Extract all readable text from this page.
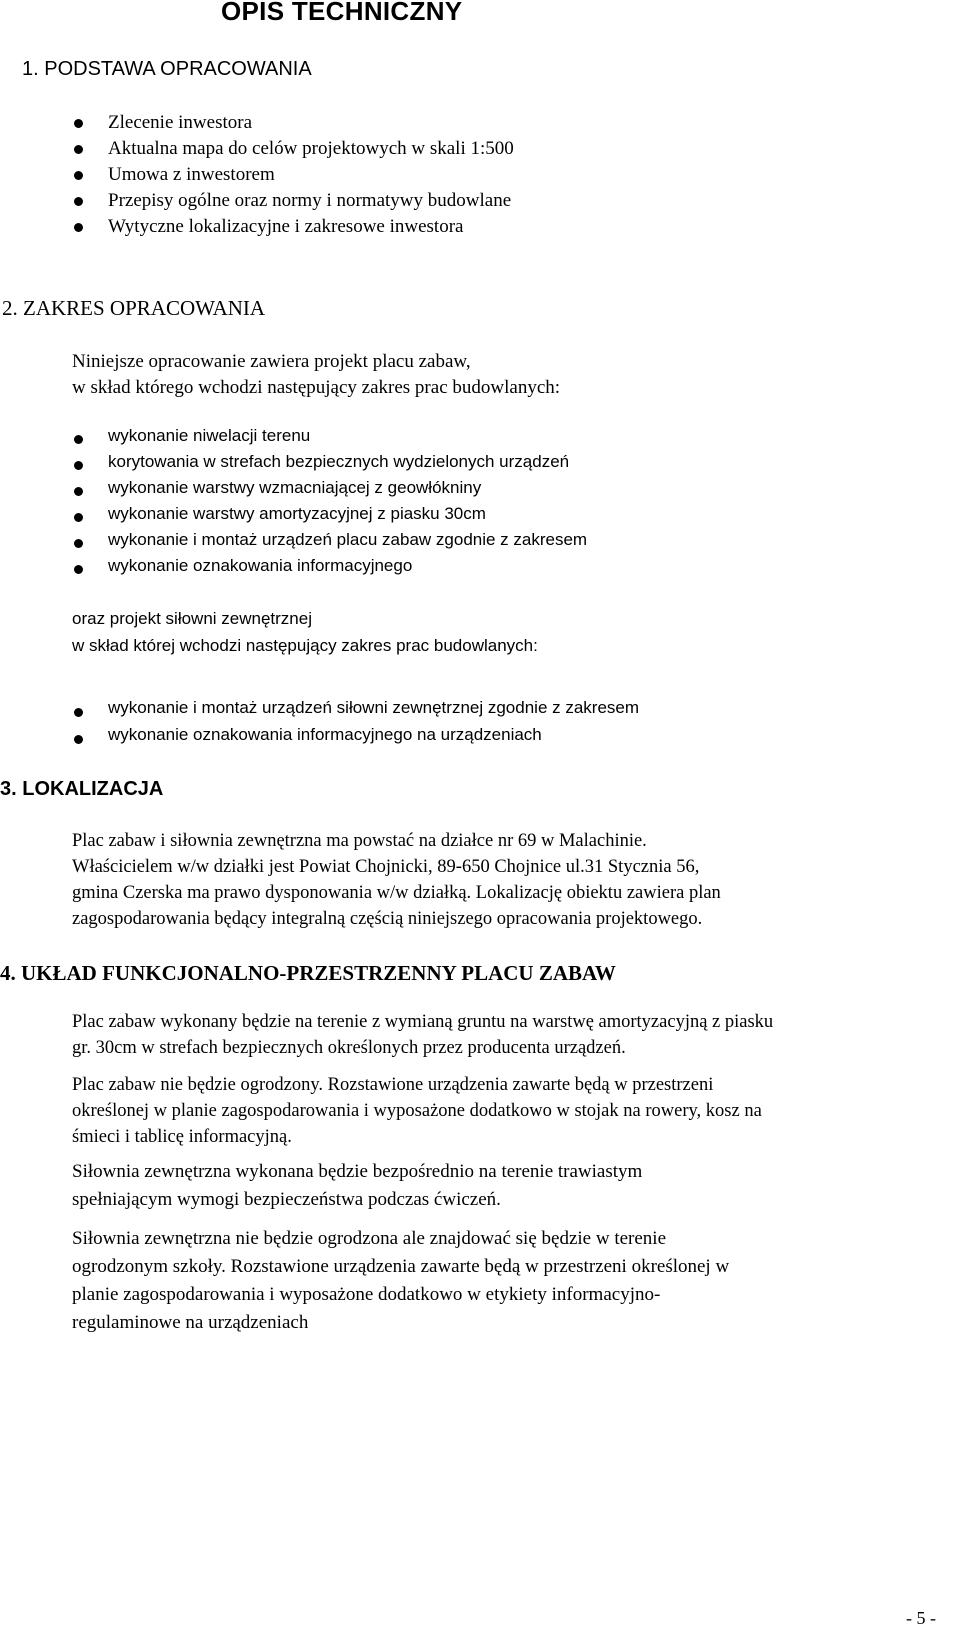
OPIS TECHNICZNY
1. PODSTAWA OPRACOWANIA
Zlecenie inwestora
Aktualna mapa do celów projektowych w skali 1:500
Umowa z inwestorem
Przepisy ogólne oraz normy i normatywy budowlane
Wytyczne lokalizacyjne i zakresowe inwestora
2. ZAKRES OPRACOWANIA
Niniejsze opracowanie zawiera projekt placu zabaw,
w skład którego wchodzi następujący zakres prac budowlanych:
wykonanie niwelacji terenu
korytowania w strefach bezpiecznych wydzielonych urządzeń
wykonanie warstwy wzmacniającej z geowłókniny
wykonanie warstwy amortyzacyjnej z piasku 30cm
wykonanie i montaż urządzeń placu zabaw zgodnie z zakresem
wykonanie oznakowania informacyjnego
oraz projekt siłowni zewnętrznej
w skład której wchodzi następujący zakres prac budowlanych:
wykonanie i montaż urządzeń siłowni zewnętrznej zgodnie z zakresem
wykonanie oznakowania informacyjnego na urządzeniach
3. LOKALIZACJA
Plac zabaw i siłownia zewnętrzna ma powstać na działce nr 69 w Malachinie.
Właścicielem w/w działki jest Powiat Chojnicki, 89-650 Chojnice ul.31 Stycznia 56,
gmina Czerska ma prawo dysponowania w/w działką. Lokalizację obiektu zawiera plan
zagospodarowania będący integralną częścią niniejszego opracowania projektowego.
4. UKŁAD FUNKCJONALNO-PRZESTRZENNY PLACU ZABAW
Plac zabaw wykonany będzie na terenie z wymianą gruntu na warstwę amortyzacyjną z piasku
gr. 30cm w strefach bezpiecznych określonych przez producenta urządzeń.
Plac zabaw nie będzie ogrodzony. Rozstawione urządzenia zawarte będą w przestrzeni
określonej w planie zagospodarowania i wyposażone dodatkowo w stojak na rowery, kosz na
śmieci i tablicę informacyjną.
Siłownia zewnętrzna wykonana będzie bezpośrednio na terenie trawiastym
spełniającym wymogi bezpieczeństwa podczas ćwiczeń.
Siłownia zewnętrzna nie będzie ogrodzona ale znajdować się będzie w terenie
ogrodzonym szkoły. Rozstawione urządzenia zawarte będą w przestrzeni określonej w
planie zagospodarowania i wyposażone dodatkowo w etykiety informacyjno-
regulaminowe na urządzeniach
- 5 -
